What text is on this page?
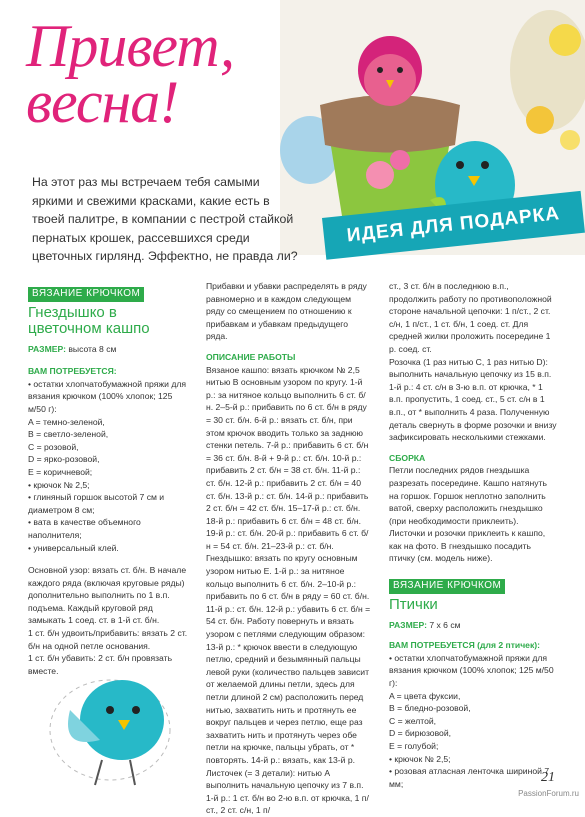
Привет,
весна!
ИДЕЯ ДЛЯ ПОДАРКА
На этот раз мы встречаем тебя самыми яркими и свежими красками, какие есть в твоей палитре, в компании с пестрой стайкой пернатых крошек, рассевшихся среди цветочных гирлянд. Эффектно, не правда ли?
ВЯЗАНИЕ КРЮЧКОМ
Гнездышко в цветочном кашпо

РАЗМЕР: высота 8 см

ВАМ ПОТРЕБУЕТСЯ:

• остатки хлопчатобумажной пряжи для вязания крючком (100% хлопок; 125 м/50 г):

A = темно-зеленой,

B = светло-зеленой,

C = розовой,

D = ярко-розовой,

E = коричневой;

• крючок № 2,5;

• глиняный горшок высотой 7 см и диаметром 8 см;

• вата в качестве объемного наполнителя;

• универсальный клей.

Основной узор: вязать ст. б/н. В начале каждого ряда (включая круговые ряды) дополнительно выполнить по 1 в.п. подъема. Каждый круговой ряд замыкать 1 соед. ст. в 1-й ст. б/н.

1 ст. б/н удвоить/прибавить: вязать 2 ст. б/н на одной петле основания.

1 ст. б/н убавить: 2 ст. б/н провязать вместе.

Прибавки и убавки распределять в ряду равномерно и в каждом следующем ряду со смещением по отношению к прибавкам и убавкам предыдущего ряда.

ОПИСАНИЕ РАБОТЫ

Вязаное кашпо: вязать крючком № 2,5 нитью B основным узором по кругу. 1-й р.: за нитяное кольцо выполнить 6 ст. б/н. 2–5-й р.: прибавить по 6 ст. б/н в ряду = 30 ст. б/н. 6-й р.: вязать ст. б/н, при этом крючок вводить только за заднюю стенки петель. 7-й р.: прибавить 6 ст. б/н = 36 ст. б/н. 8-й + 9-й р.: ст. б/н. 10-й р.: прибавить 2 ст. б/н = 38 ст. б/н. 11-й р.: ст. б/н. 12-й р.: прибавить 2 ст. б/н = 40 ст. б/н. 13-й р.: ст. б/н. 14-й р.: прибавить 2 ст. б/н = 42 ст. б/н. 15–17-й р.: ст. б/н. 18-й р.: прибавить 6 ст. б/н = 48 ст. б/н. 19-й р.: ст. б/н. 20-й р.: прибавить 6 ст. б/н = 54 ст. б/н. 21–23-й р.: ст. б/н.

Гнездышко: вязать по кругу основным узором нитью E. 1-й р.: за нитяное кольцо выполнить 6 ст. б/н. 2–10-й р.: прибавить по 6 ст. б/н в ряду = 60 ст. б/н. 11-й р.: ст. б/н. 12-й р.: убавить 6 ст. б/н = 54 ст. б/н. Работу повернуть и вязать узором с петлями следующим образом: 13-й р.: * крючок ввести в следующую петлю, средний и безымянный пальцы левой руки (количество пальцев зависит от желаемой длины петли, здесь для петли длиной 2 см) расположить перед нитью, захватить нить и протянуть ее вокруг пальцев и через петлю, еще раз захватить нить и протянуть через обе петли на крючке, пальцы убрать, от * повторять. 14-й р.: вязать, как 13-й р.

Листочек (= 3 детали): нитью A выполнить начальную цепочку из 7 в.п. 1-й р.: 1 ст. б/н во 2-ю в.п. от крючка, 1 п/ст., 2 ст. с/н, 1 п/

ст., 3 ст. б/н в последнюю в.п., продолжить работу по противоположной стороне начальной цепочки: 1 п/ст., 2 ст. с/н, 1 п/ст., 1 ст. б/н, 1 соед. ст. Для средней жилки проложить посередине 1 р. соед. ст.

Розочка (1 раз нитью C, 1 раз нитью D): выполнить начальную цепочку из 15 в.п. 1-й р.: 4 ст. с/н в 3-ю в.п. от крючка, * 1 в.п. пропустить, 1 соед. ст., 5 ст. с/н в 1 в.п., от * выполнить 4 раза. Полученную деталь свернуть в форме розочки и внизу зафиксировать несколькими стежками.

СБОРКА

Петли последних рядов гнездышка разрезать посередине. Кашпо натянуть на горшок. Горшок неплотно заполнить ватой, сверху расположить гнездышко (при необходимости приклеить). Листочки и розочки приклеить к кашпо, как на фото. В гнездышко посадить птичку (см. модель ниже).

ВЯЗАНИЕ КРЮЧКОМ
Птички

РАЗМЕР: 7 х 6 см

ВАМ ПОТРЕБУЕТСЯ (для 2 птичек):

• остатки хлопчатобумажной пряжи для вязания крючком (100% хлопок; 125 м/50 г):

A = цвета фуксии,

B = бледно-розовой,

C = желтой,

D = бирюзовой,

E = голубой;

• крючок № 2,5;

• розовая атласная ленточка шириной 7 мм;	21
PassionForum.ru
